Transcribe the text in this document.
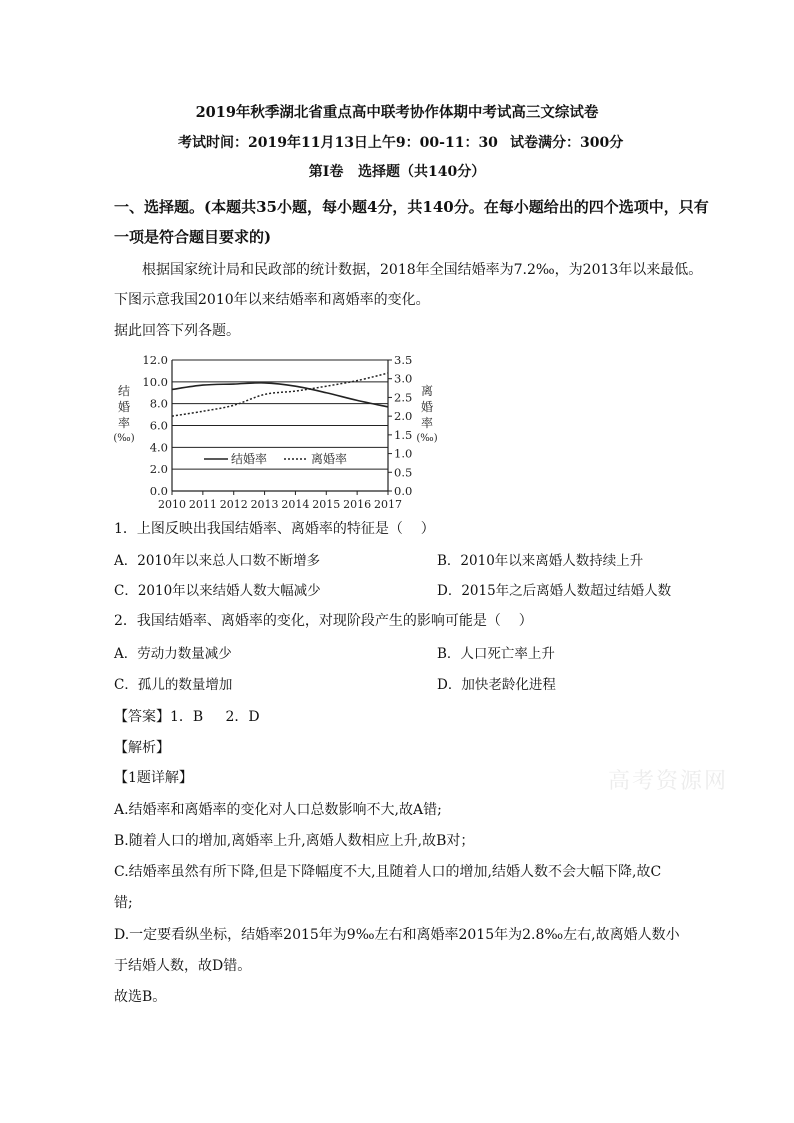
2019年秋季湖北省重点高中联考协作体期中考试高三文综试卷
考试时间：2019年11月13日上午9：00-11：30 试卷满分：300分
第I卷   选择题（共140分）
一、选择题。(本题共35小题，每小题4分，共140分。在每小题给出的四个选项中，只有
一项是符合题目要求的)
根据国家统计局和民政部的统计数据，2018年全国结婚率为7.2‰，为2013年以来最低。
下图示意我国2010年以来结婚率和离婚率的变化。
据此回答下列各题。
0.0
2.0
4.0
6.0
8.0
10.0
12.0
0.0
0.5
1.0
1.5
2.0
2.5
3.0
3.5
2010 2011 2012 2013 2014 2015 2016 2017
结
婚
率
(‰)
离
婚
率
(‰)
结婚率	离婚率
1．上图反映出我国结婚率、离婚率的特征是（    ）
A．2010年以来总人口数不断增多	B．2010年以来离婚人数持续上升
C．2010年以来结婚人数大幅减少	D．2015年之后离婚人数超过结婚人数
2．我国结婚率、离婚率的变化，对现阶段产生的影响可能是（    ）
A．劳动力数量减少	B．人口死亡率上升
C．孤儿的数量增加	D．加快老龄化进程
【答案】1．B     2．D
【解析】
【1题详解】
A.结婚率和离婚率的变化对人口总数影响不大,故A错;
B.随着人口的增加,离婚率上升,离婚人数相应上升,故B对；
C.结婚率虽然有所下降,但是下降幅度不大,且随着人口的增加,结婚人数不会大幅下降,故C
错;
D.一定要看纵坐标，结婚率2015年为9‰左右和离婚率2015年为2.8‰左右,故离婚人数小
于结婚人数，故D错。
故选B。
高考资源网
